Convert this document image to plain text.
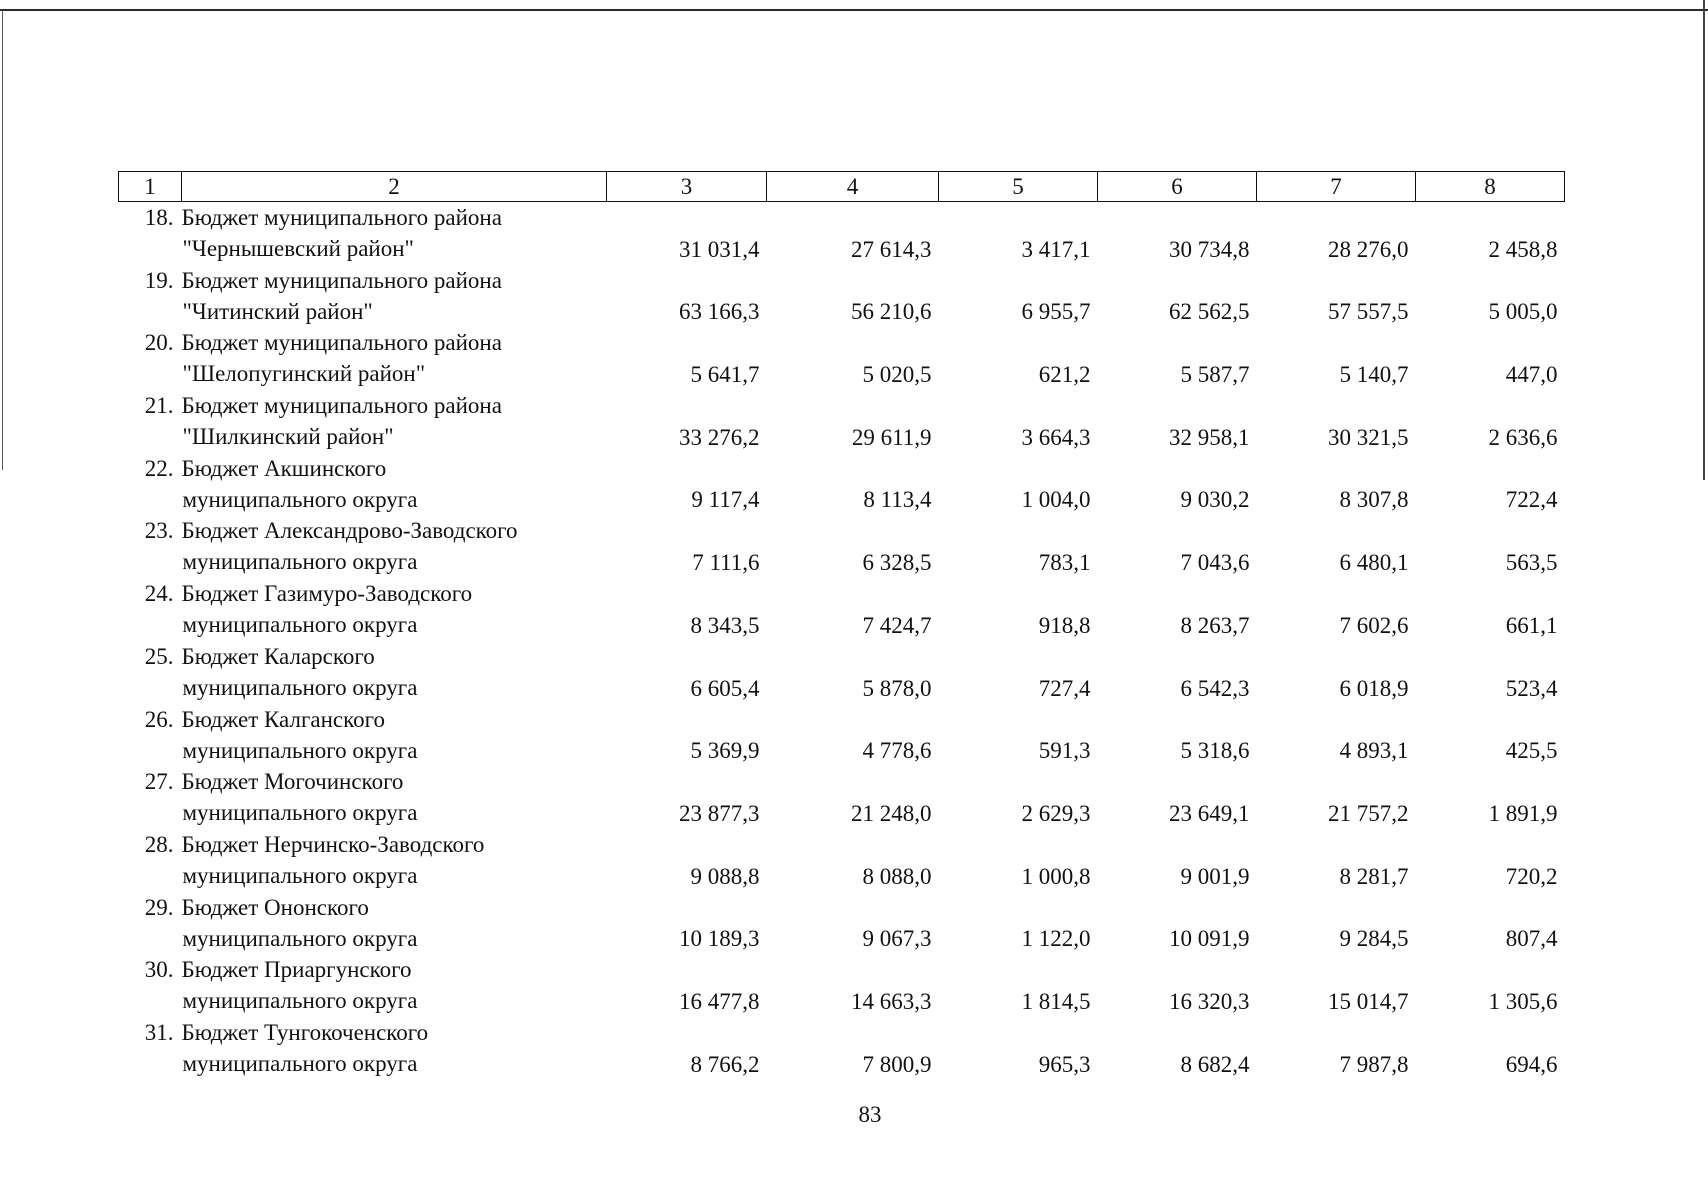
1	2	3	4	5	6	7	8
18.	Бюджет муниципального района
"Чернышевский район"	31 031,4	27 614,3	3 417,1	30 734,8	28 276,0	2 458,8
19.	Бюджет муниципального района
"Читинский район"	63 166,3	56 210,6	6 955,7	62 562,5	57 557,5	5 005,0
20.	Бюджет муниципального района
"Шелопугинский район"	5 641,7	5 020,5	621,2	5 587,7	5 140,7	447,0
21.	Бюджет муниципального района
"Шилкинский район"	33 276,2	29 611,9	3 664,3	32 958,1	30 321,5	2 636,6
22.	Бюджет Акшинского
муниципального округа	9 117,4	8 113,4	1 004,0	9 030,2	8 307,8	722,4
23.	Бюджет Александрово-Заводского
муниципального округа	7 111,6	6 328,5	783,1	7 043,6	6 480,1	563,5
24.	Бюджет Газимуро-Заводского
муниципального округа	8 343,5	7 424,7	918,8	8 263,7	7 602,6	661,1
25.	Бюджет Каларского
муниципального округа	6 605,4	5 878,0	727,4	6 542,3	6 018,9	523,4
26.	Бюджет Калганского
муниципального округа	5 369,9	4 778,6	591,3	5 318,6	4 893,1	425,5
27.	Бюджет Могочинского
муниципального округа	23 877,3	21 248,0	2 629,3	23 649,1	21 757,2	1 891,9
28.	Бюджет Нерчинско-Заводского
муниципального округа	9 088,8	8 088,0	1 000,8	9 001,9	8 281,7	720,2
29.	Бюджет Ононского
муниципального округа	10 189,3	9 067,3	1 122,0	10 091,9	9 284,5	807,4
30.	Бюджет Приаргунского
муниципального округа	16 477,8	14 663,3	1 814,5	16 320,3	15 014,7	1 305,6
31.	Бюджет Тунгокоченского
муниципального округа	8 766,2	7 800,9	965,3	8 682,4	7 987,8	694,6
83
